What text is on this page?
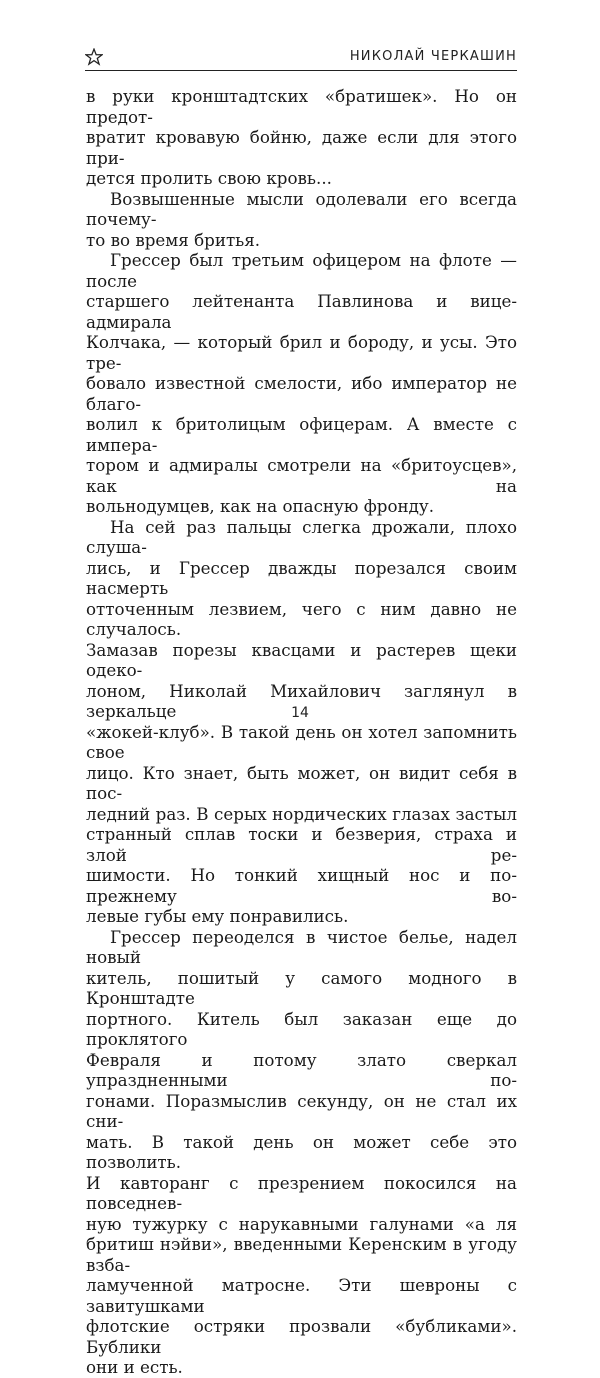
НИКОЛАЙ ЧЕРКАШИН

в руки кронштадтских «братишек». Но он предот-

вратит кровавую бойню, даже если для этого при-

дется пролить свою кровь...

Возвышенные мысли одолевали его всегда почему-

то во время бритья.

Грессер был третьим офицером на флоте — после

старшего лейтенанта Павлинова и вице-адмирала

Колчака, — который брил и бороду, и усы. Это тре-

бовало известной смелости, ибо император не благо-

волил к бритолицым офицерам. А вместе с импера-

тором и адмиралы смотрели на «бритоусцев», как на

вольнодумцев, как на опасную фронду.

На сей раз пальцы слегка дрожали, плохо слуша-

лись, и Грессер дважды порезался своим насмерть

отточенным лезвием, чего с ним давно не случалось.

Замазав порезы квасцами и растерев щеки одеко-

лоном, Николай Михайлович заглянул в зеркальце

«жокей-клуб». В такой день он хотел запомнить свое

лицо. Кто знает, быть может, он видит себя в пос-

ледний раз. В серых нордических глазах застыл

странный сплав тоски и безверия, страха и злой ре-

шимости. Но тонкий хищный нос и по-прежнему во-

левые губы ему понравились.

Грессер переоделся в чистое белье, надел новый

китель, пошитый у самого модного в Кронштадте

портного. Китель был заказан еще до проклятого

Февраля и потому злато сверкал упраздненными по-

гонами. Поразмыслив секунду, он не стал их сни-

мать. В такой день он может себе это позволить.

И кавторанг с презрением покосился на повседнев-

ную тужурку с нарукавными галунами «а ля

бритиш нэйви», введенными Керенским в угоду взба-

ламученной матросне. Эти шевроны с завитушками

флотские остряки прозвали «бубликами». Бублики

они и есть.

14
